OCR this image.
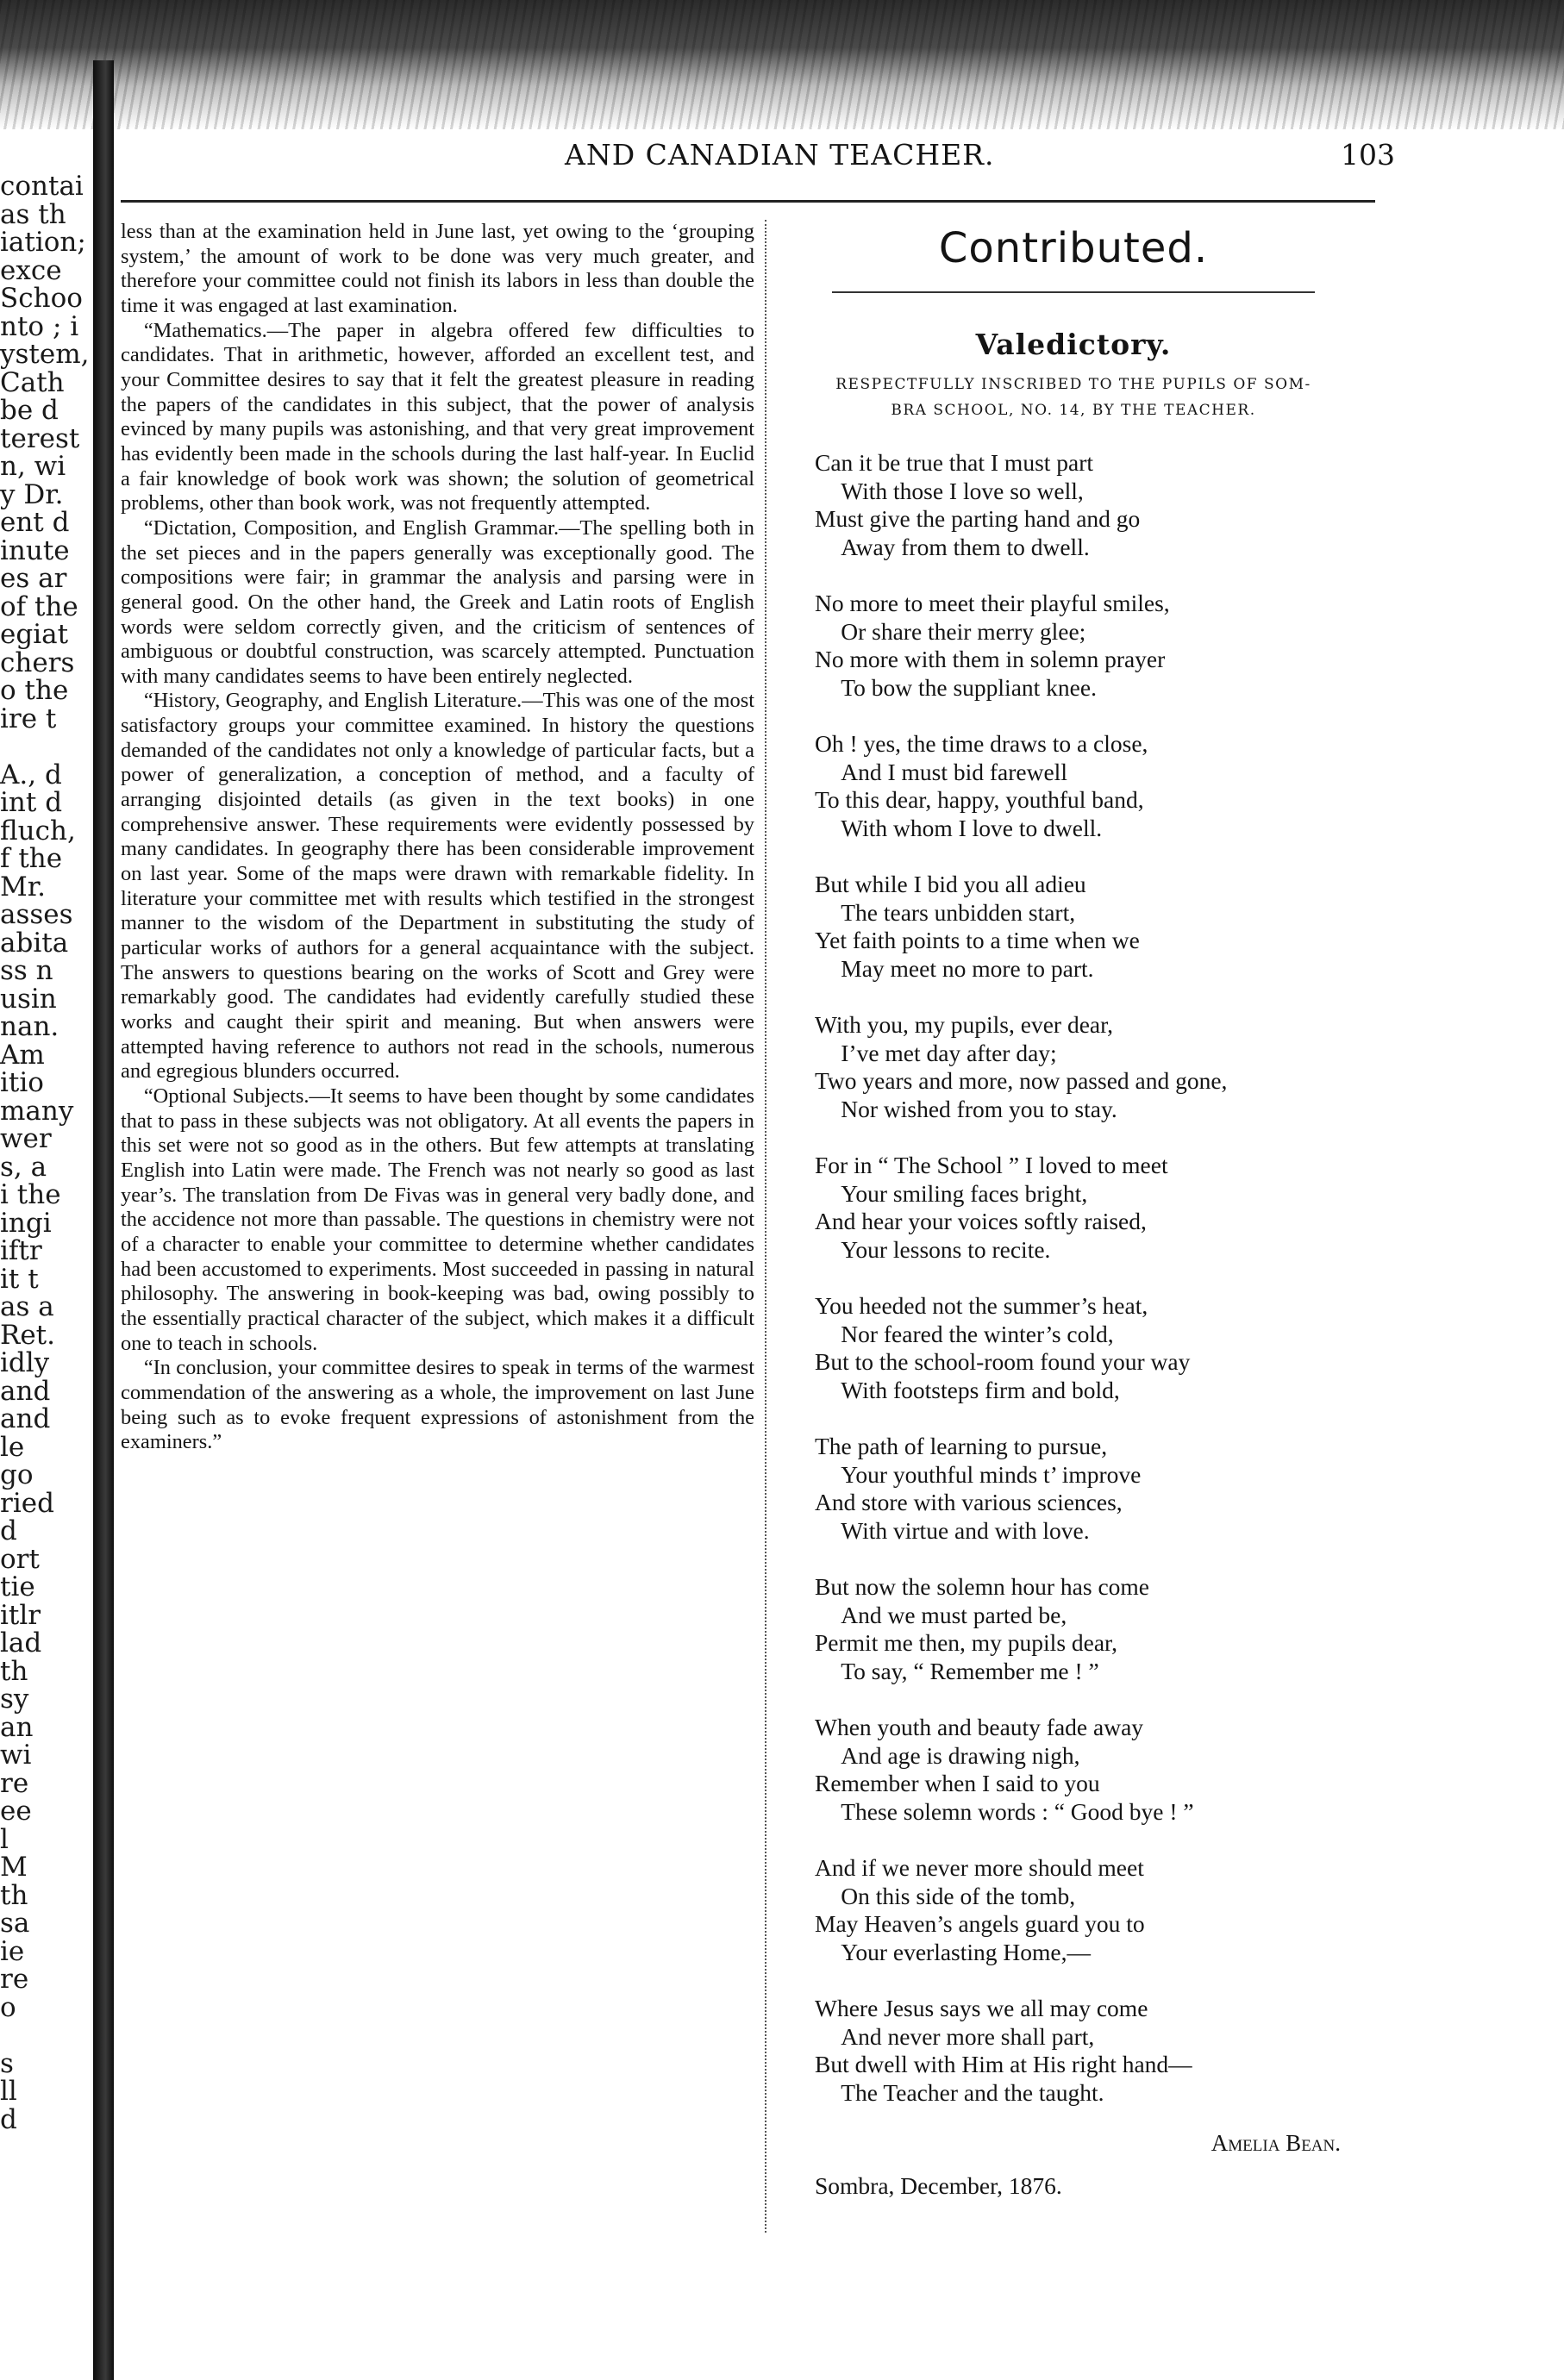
contai
as th
iation;
exce
Schoo
nto ; i
ystem,
Cath
be d
terest
n, wi
y Dr.
ent d
inute
es ar
of the
egiat
chers
o the
ire t

A., d
int d
fluch,
f the
Mr.
asses
abita
ss n
usin
nan.
Am
itio
many
wer
s, a
i the
ingi
iftr
it t
as a
Ret.
idly
and
and
le
go
ried
d
ort
tie
itlr
lad
th
sy
an
wi
re
ee
l
M
th
sa
ie
re
o

s
ll
d
AND CANADIAN TEACHER.	103

less than at the examination held in June last, yet owing to the ‘grouping system,’ the amount of work to be done was very much greater, and therefore your committee could not finish its labors in less than double the time it was engaged at last examination.

“Mathematics.—The paper in algebra offered few difficulties to candidates. That in arithmetic, however, afforded an excellent test, and your Committee desires to say that it felt the greatest pleasure in reading the papers of the candidates in this subject, that the power of analysis evinced by many pupils was astonishing, and that very great improvement has evidently been made in the schools during the last half-year. In Euclid a fair knowledge of book work was shown; the solution of geometrical problems, other than book work, was not frequently attempted.

“Dictation, Composition, and English Grammar.—The spelling both in the set pieces and in the papers generally was exceptionally good. The compositions were fair; in grammar the analysis and parsing were in general good. On the other hand, the Greek and Latin roots of English words were seldom correctly given, and the criticism of sentences of ambiguous or doubtful construction, was scarcely attempted. Punctuation with many candidates seems to have been entirely neglected.

“History, Geography, and English Literature.—This was one of the most satisfactory groups your committee examined. In history the questions demanded of the candidates not only a knowledge of particular facts, but a power of generalization, a conception of method, and a faculty of arranging disjointed details (as given in the text books) in one comprehensive answer. These requirements were evidently possessed by many candidates. In geography there has been considerable improvement on last year. Some of the maps were drawn with remarkable fidelity. In literature your committee met with results which testified in the strongest manner to the wisdom of the Department in substituting the study of particular works of authors for a general acquaintance with the subject. The answers to questions bearing on the works of Scott and Grey were remarkably good. The candidates had evidently carefully studied these works and caught their spirit and meaning. But when answers were attempted having reference to authors not read in the schools, numerous and egregious blunders occurred.

“Optional Subjects.—It seems to have been thought by some candidates that to pass in these subjects was not obligatory. At all events the papers in this set were not so good as in the others. But few attempts at translating English into Latin were made. The French was not nearly so good as last year’s. The translation from De Fivas was in general very badly done, and the accidence not more than passable. The questions in chemistry were not of a character to enable your committee to determine whether candidates had been accustomed to experiments. Most succeeded in passing in natural philosophy. The answering in book-keeping was bad, owing possibly to the essentially practical character of the subject, which makes it a difficult one to teach in schools.

“In conclusion, your committee desires to speak in terms of the warmest commendation of the answering as a whole, the improvement on last June being such as to evoke frequent expressions of astonishment from the examiners.”

Contributed.
Valedictory.
RESPECTFULLY INSCRIBED TO THE PUPILS OF SOM-
BRA SCHOOL, NO. 14, BY THE TEACHER.
Can it be true that I must part
With those I love so well,
Must give the parting hand and go
Away from them to dwell.
No more to meet their playful smiles,
Or share their merry glee;
No more with them in solemn prayer
To bow the suppliant knee.
Oh ! yes, the time draws to a close,
And I must bid farewell
To this dear, happy, youthful band,
With whom I love to dwell.
But while I bid you all adieu
The tears unbidden start,
Yet faith points to a time when we
May meet no more to part.
With you, my pupils, ever dear,
I’ve met day after day;
Two years and more, now passed and gone,
Nor wished from you to stay.
For in “ The School ” I loved to meet
Your smiling faces bright,
And hear your voices softly raised,
Your lessons to recite.
You heeded not the summer’s heat,
Nor feared the winter’s cold,
But to the school-room found your way
With footsteps firm and bold,
The path of learning to pursue,
Your youthful minds t’ improve
And store with various sciences,
With virtue and with love.
But now the solemn hour has come
And we must parted be,
Permit me then, my pupils dear,
To say, “ Remember me ! ”
When youth and beauty fade away
And age is drawing nigh,
Remember when I said to you
These solemn words : “ Good bye ! ”
And if we never more should meet
On this side of the tomb,
May Heaven’s angels guard you to
Your everlasting Home,—
Where Jesus says we all may come
And never more shall part,
But dwell with Him at His right hand—
The Teacher and the taught.
Amelia Bean.
Sombra, December, 1876.
